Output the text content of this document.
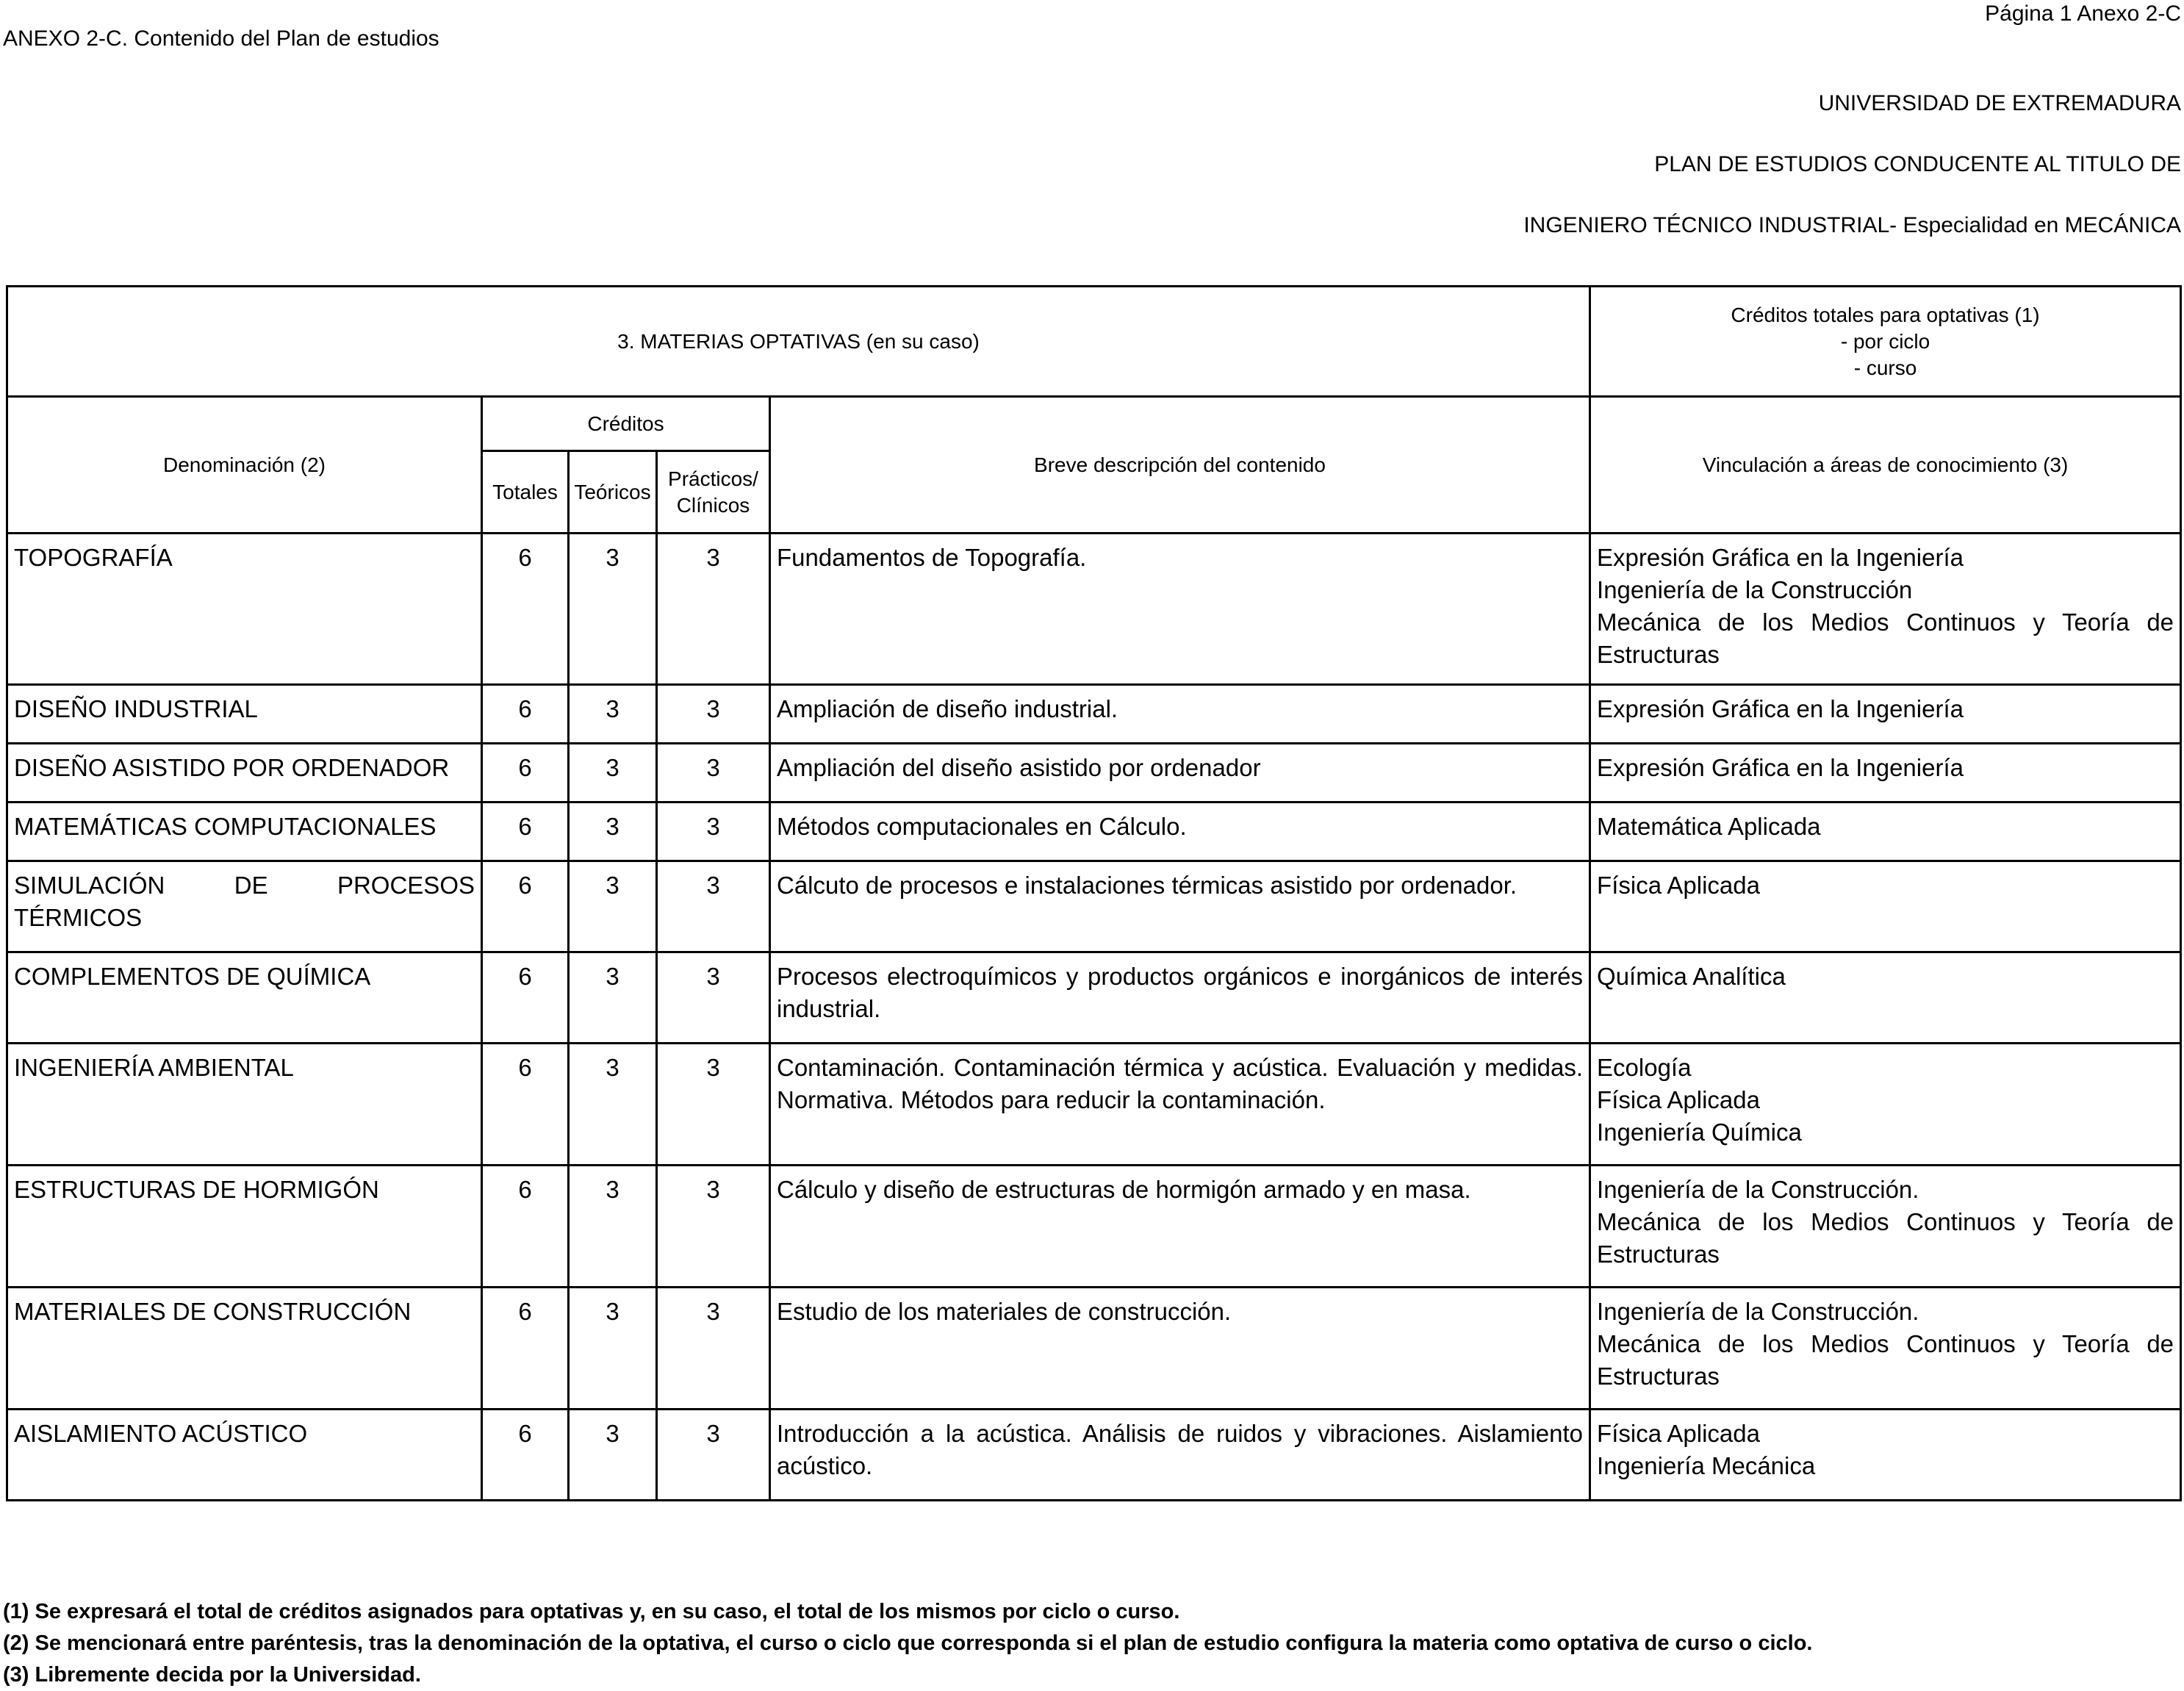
ANEXO 2-C. Contenido del Plan de estudios
Página 1 Anexo 2-C
UNIVERSIDAD DE EXTREMADURA
PLAN DE ESTUDIOS CONDUCENTE AL TITULO DE
INGENIERO TÉCNICO INDUSTRIAL- Especialidad en MECÁNICA
3. MATERIAS OPTATIVAS (en su caso)					Créditos totales para optativas (1)
- por ciclo
- curso

Denominación (2)	Créditos			Breve descripción del contenido	Vinculación a áreas de conocimiento (3)
	Totales	Teóricos	Prácticos/ Clínicos		
TOPOGRAFÍA	6	3	3	Fundamentos de Topografía.	Expresión Gráfica en la Ingeniería
Ingeniería de la Construcción
Mecánica de los Medios Continuos y Teoría de Estructuras

DISEÑO INDUSTRIAL	6	3	3	Ampliación de diseño industrial.	Expresión Gráfica en la Ingeniería

DISEÑO ASISTIDO POR ORDENADOR	6	3	3	Ampliación del diseño asistido por ordenador	Expresión Gráfica en la Ingeniería

MATEMÁTICAS COMPUTACIONALES	6	3	3	Métodos computacionales en Cálculo.	Matemática Aplicada

SIMULACIÓN DE PROCESOS TÉRMICOS	6	3	3	Cálcuto de procesos e instalaciones térmicas asistido por ordenador.	Física Aplicada

COMPLEMENTOS DE QUÍMICA	6	3	3	Procesos electroquímicos y productos orgánicos e inorgánicos de interés industrial.	Química Analítica

INGENIERÍA AMBIENTAL	6	3	3	Contaminación. Contaminación térmica y acústica. Evaluación y medidas. Normativa. Métodos para reducir la contaminación.	Ecología
Física Aplicada
Ingeniería Química

ESTRUCTURAS DE HORMIGÓN	6	3	3	Cálculo y diseño de estructuras de hormigón armado y en masa.	Ingeniería de la Construcción.
Mecánica de los Medios Continuos y Teoría de Estructuras

MATERIALES DE CONSTRUCCIÓN	6	3	3	Estudio de los materiales de construcción.	Ingeniería de la Construcción.
Mecánica de los Medios Continuos y Teoría de Estructuras

AISLAMIENTO ACÚSTICO	6	3	3	Introducción a la acústica. Análisis de ruidos y vibraciones. Aislamiento acústico.	Física Aplicada
Ingeniería Mecánica
(1) Se expresará el total de créditos asignados para optativas y, en su caso, el total de los mismos por ciclo o curso.
(2) Se mencionará entre paréntesis, tras la denominación de la optativa, el curso o ciclo que corresponda si el plan de estudio configura la materia como optativa de curso o ciclo.
(3) Libremente decida por la Universidad.
